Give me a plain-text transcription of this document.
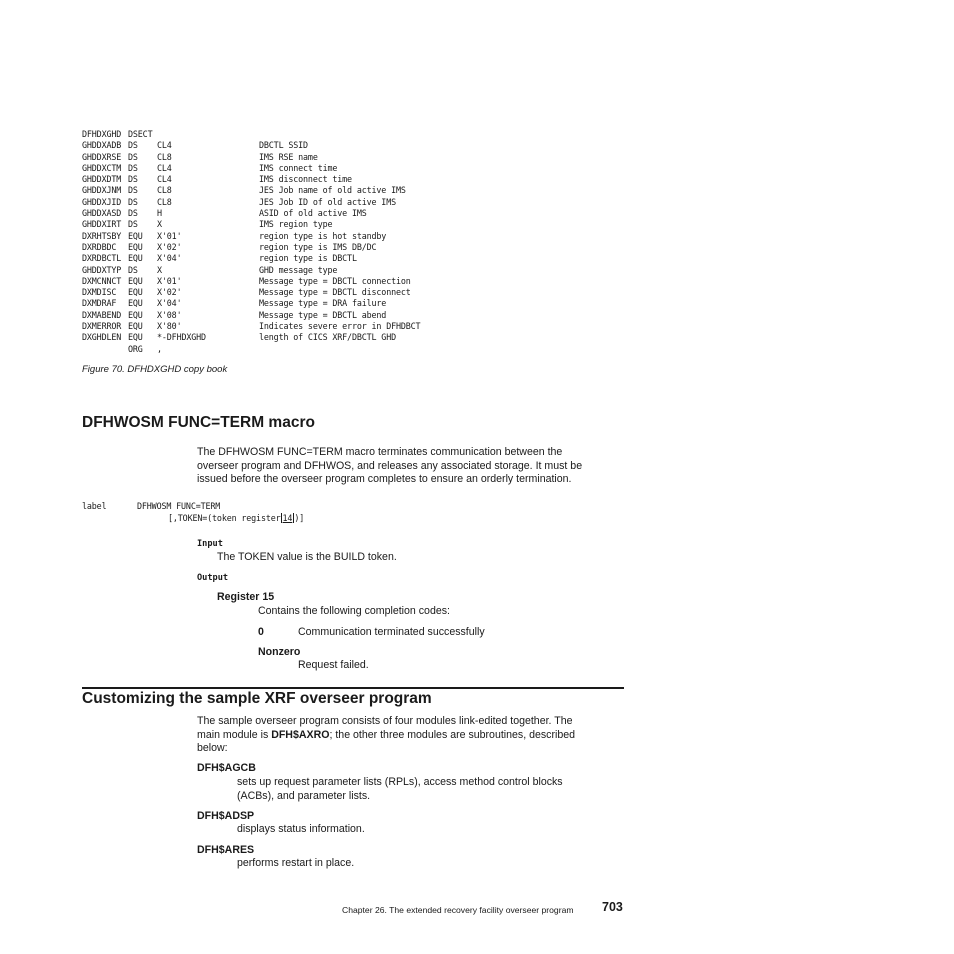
DFHDXGHD DSECT
GHDDXADB DS CL4	DBCTL SSID
GHDDXRSE DS CL8	IMS RSE name
GHDDXCTM DS CL4	IMS connect time
GHDDXDTM DS CL4	IMS disconnect time
GHDDXJNM DS CL8	JES Job name of old active IMS
GHDDXJID DS CL8	JES Job ID of old active IMS
GHDDXASD DS H	ASID of old active IMS
GHDDXIRT DS X	IMS region type
DXRHTSBY EQU X'01'	region type is hot standby
DXRDBDC EQU X'02'	region type is IMS DB/DC
DXRDBCTL EQU X'04'	region type is DBCTL
GHDDXTYP DS X	GHD message type
DXMCNNCT EQU X'01'	Message type = DBCTL connection
DXMDISC EQU X'02'	Message type = DBCTL disconnect
DXMDRAF EQU X'04'	Message type = DRA failure
DXMABEND EQU X'08'	Message type = DBCTL abend
DXMERROR EQU X'80'	Indicates severe error in DFHDBCT
DXGHDLEN EQU *-DFHDXGHD	length of CICS XRF/DBCTL GHD
ORG ,
Figure 70. DFHDXGHD copy book
DFHWOSM FUNC=TERM macro
The DFHWOSM FUNC=TERM macro terminates communication between the
overseer program and DFHWOS, and releases any associated storage. It must be
issued before the overseer program completes to ensure an orderly termination.
label	DFHWOSM FUNC=TERM
[,TOKEN=(token register 14 )]
Input
The TOKEN value is the BUILD token.
Output
Register 15
Contains the following completion codes:
0	Communication terminated successfully
Nonzero
Request failed.
Customizing the sample XRF overseer program
The sample overseer program consists of four modules link-edited together. The
main module is DFH$AXRO; the other three modules are subroutines, described
below:
DFH$AGCB
sets up request parameter lists (RPLs), access method control blocks
(ACBs), and parameter lists.
DFH$ADSP
displays status information.
DFH$ARES
performs restart in place.
Chapter 26. The extended recovery facility overseer program 703
